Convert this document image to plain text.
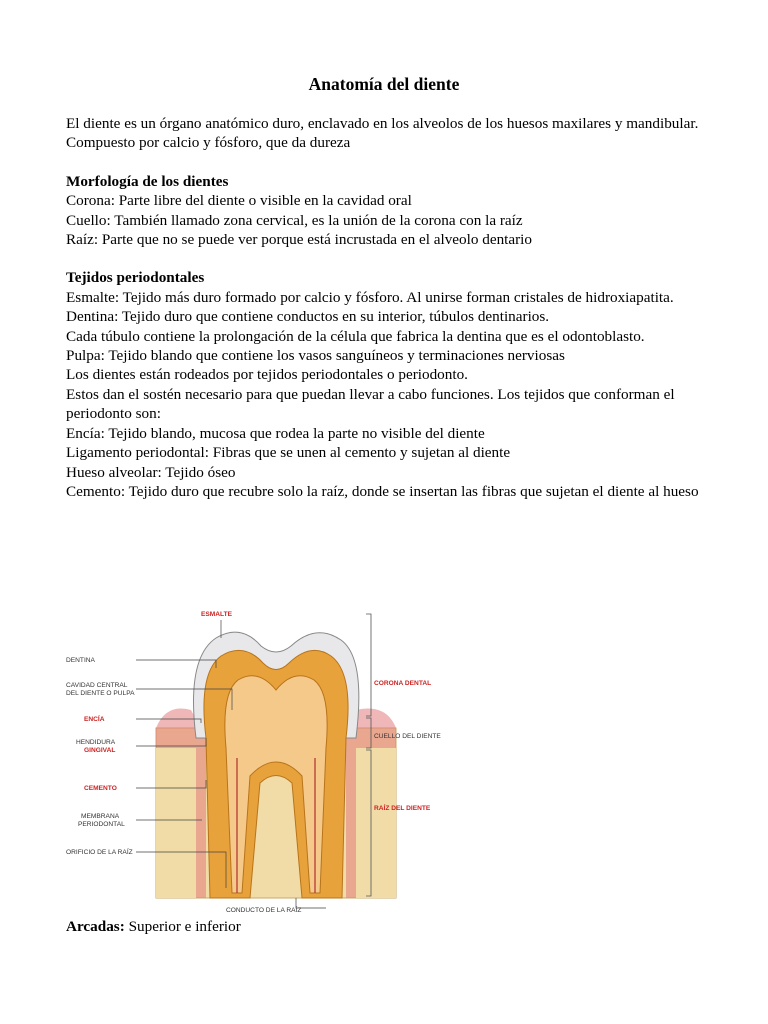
Anatomía del diente

El diente es un órgano anatómico duro, enclavado en los alveolos de los huesos maxilares y mandibular.

Compuesto por calcio y fósforo, que da dureza

Morfología de los dientes

Corona: Parte libre del diente o visible en la cavidad oral

Cuello: También llamado zona cervical, es la unión de la corona con la raíz

Raíz: Parte que no se puede ver porque está incrustada en el alveolo dentario

Tejidos periodontales

Esmalte: Tejido más duro formado por calcio y fósforo. Al unirse forman cristales de hidroxiapatita.

Dentina: Tejido duro que contiene conductos en su interior, túbulos dentinarios.

Cada túbulo contiene la prolongación de la célula que fabrica la dentina que es el odontoblasto.

Pulpa: Tejido blando que contiene los vasos sanguíneos y terminaciones nerviosas

Los dientes están rodeados por tejidos periodontales o periodonto.

Estos dan el sostén necesario para que puedan llevar a cabo funciones. Los tejidos que conforman el periodonto son:

Encía: Tejido blando, mucosa que rodea la parte no visible del diente

Ligamento periodontal: Fibras que se unen al cemento y sujetan al diente

Hueso alveolar: Tejido óseo

Cemento: Tejido duro que recubre solo la raíz, donde se insertan las fibras que sujetan el diente al hueso

ESMALTE
DENTINA
CAVIDAD CENTRAL
DEL DIENTE O PULPA
ENCÍA
HENDIDURA
GINGIVAL
CEMENTO
MEMBRANA
PERIODONTAL
ORIFICIO DE LA RAÍZ
CONDUCTO DE LA RAÍZ
CORONA DENTAL
CUELLO DEL DIENTE
RAÍZ DEL DIENTE
Arcadas: Superior e inferior
